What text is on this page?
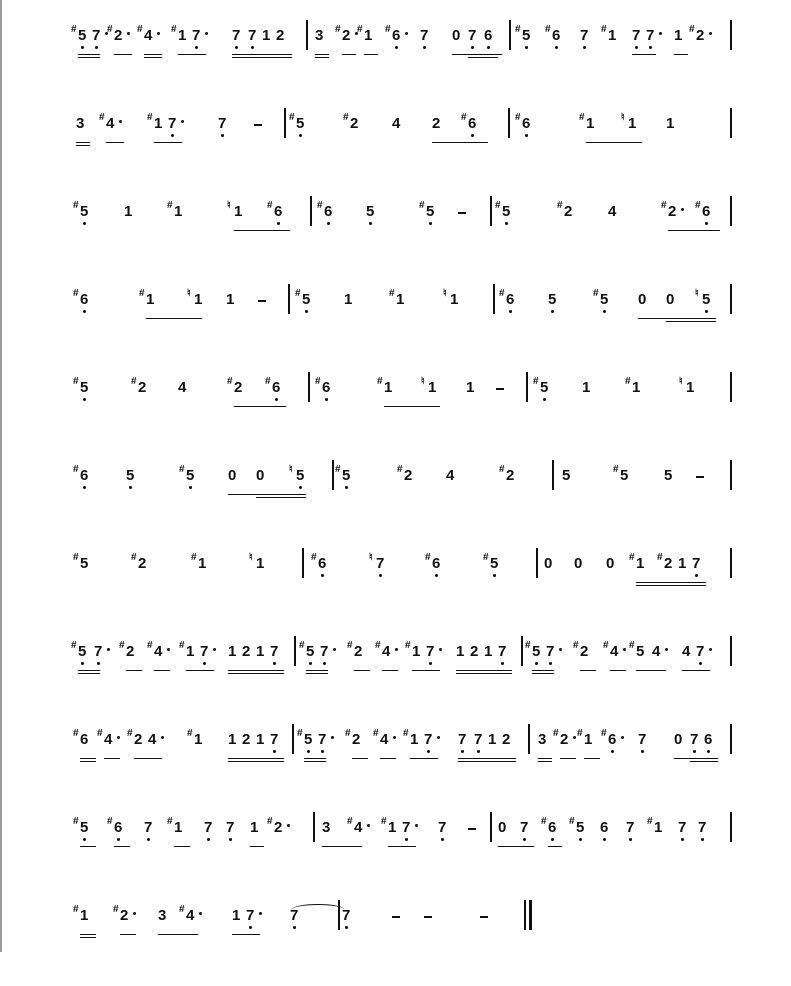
# 5 7 # 2 # 4 # 1 7 7 7 1 2 3 # 2 # 1 # 6 7 0 7 6 # 5 # 6 7 # 1 7 7 1 # 2
3 # 4	# 1 7	7	# 5	# 2 4 2 # 6	# 6	# 1	♮ 1 1
# 5 1	# 1	♮ 1 # 6	# 6 5	# 5	# 5	# 2 4	# 2 # 6
# 6	# 1	♮ 1 1	# 5 1	# 1	♮ 1	# 6 5	# 5 0 0 ♮ 5
# 5	# 2 4	# 2 # 6	# 6	# 1	♮ 1 1	# 5 1	# 1	♮ 1
# 6	5	# 5 0 0 ♮ 5	# 5	# 2 4	# 2	5	# 5 5
# 5	# 2	# 1	♮ 1	# 6	♮ 7	# 6	# 5	0 0 0 # 1 # 2 1 7
# 5 7 # 2 # 4 # 1 7 1 2 1 7 # 5 7 # 2 # 4 # 1 7 1 2 1 7 # 5 7 # 2 # 4 # 5 4 4 7
# 6 # 4 # 2 4	# 1 1 2 1 7 # 5 7 # 2 # 4 # 1 7 7 7 1 2 3 # 2 # 1 # 6 7 0 7 6
# 5 # 6 7 # 1 7 7 1 # 2	3 # 4 # 1 7 7	0 7 # 6 # 5 6 7 # 1 7 7
# 1 # 2 3 # 4	1 7 7	7
